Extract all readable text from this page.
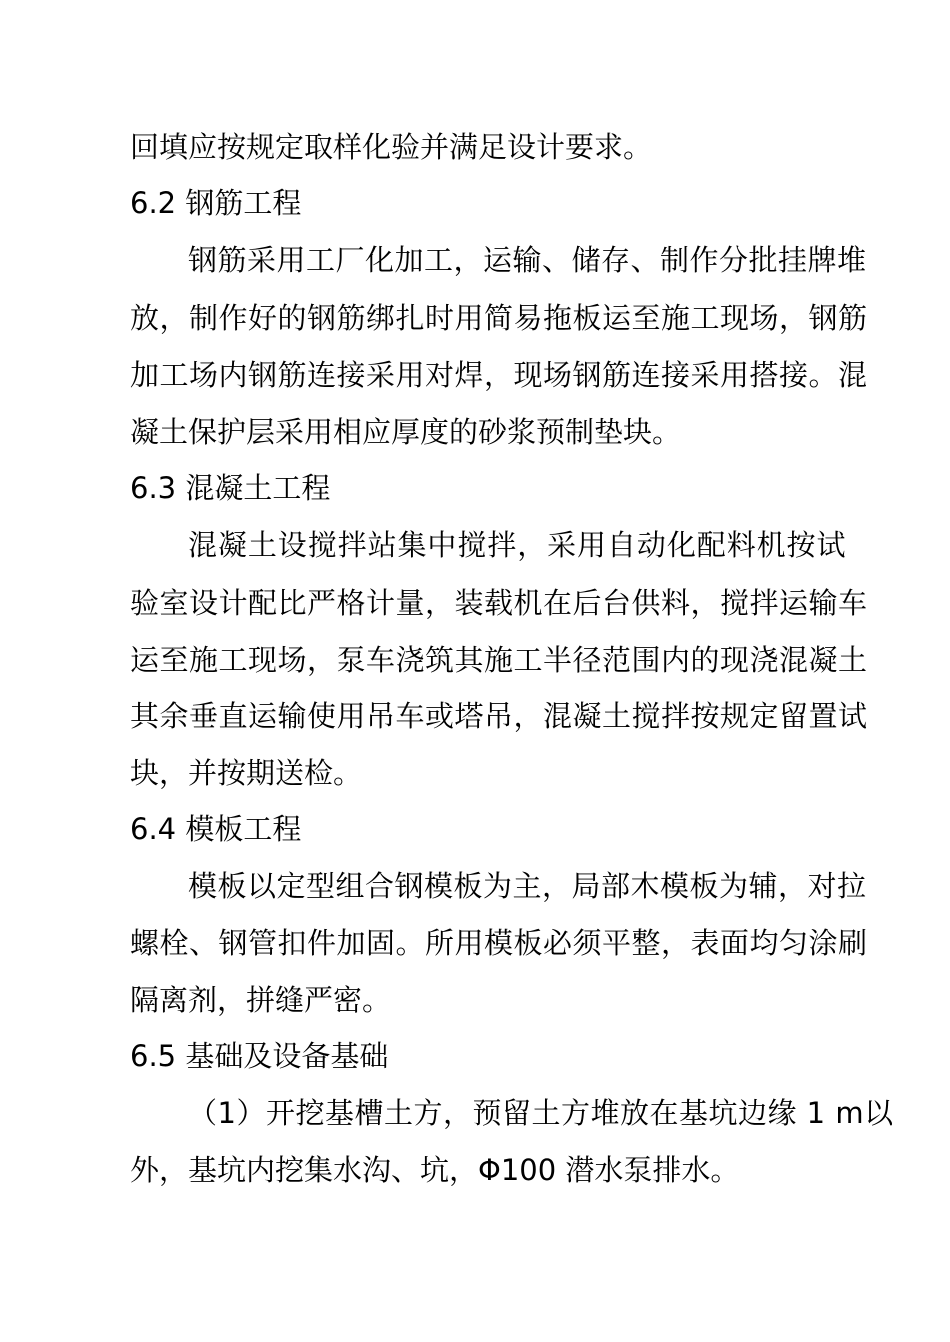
回填应按规定取样化验并满足设计要求。

6.2 钢筋工程

钢筋采用工厂化加工，运输、储存、制作分批挂牌堆

放，制作好的钢筋绑扎时用简易拖板运至施工现场，钢筋

加工场内钢筋连接采用对焊，现场钢筋连接采用搭接。混

凝土保护层采用相应厚度的砂浆预制垫块。

6.3 混凝土工程

混凝土设搅拌站集中搅拌，采用自动化配料机按试

验室设计配比严格计量，装载机在后台供料，搅拌运输车

运至施工现场，泵车浇筑其施工半径范围内的现浇混凝土

其余垂直运输使用吊车或塔吊，混凝土搅拌按规定留置试

块，并按期送检。

6.4 模板工程

模板以定型组合钢模板为主，局部木模板为辅，对拉

螺栓、钢管扣件加固。所用模板必须平整，表面均匀涂刷

隔离剂，拼缝严密。

6.5 基础及设备基础

（1）开挖基槽土方，预留土方堆放在基坑边缘 1 m以

外，基坑内挖集水沟、坑，Φ100 潜水泵排水。
